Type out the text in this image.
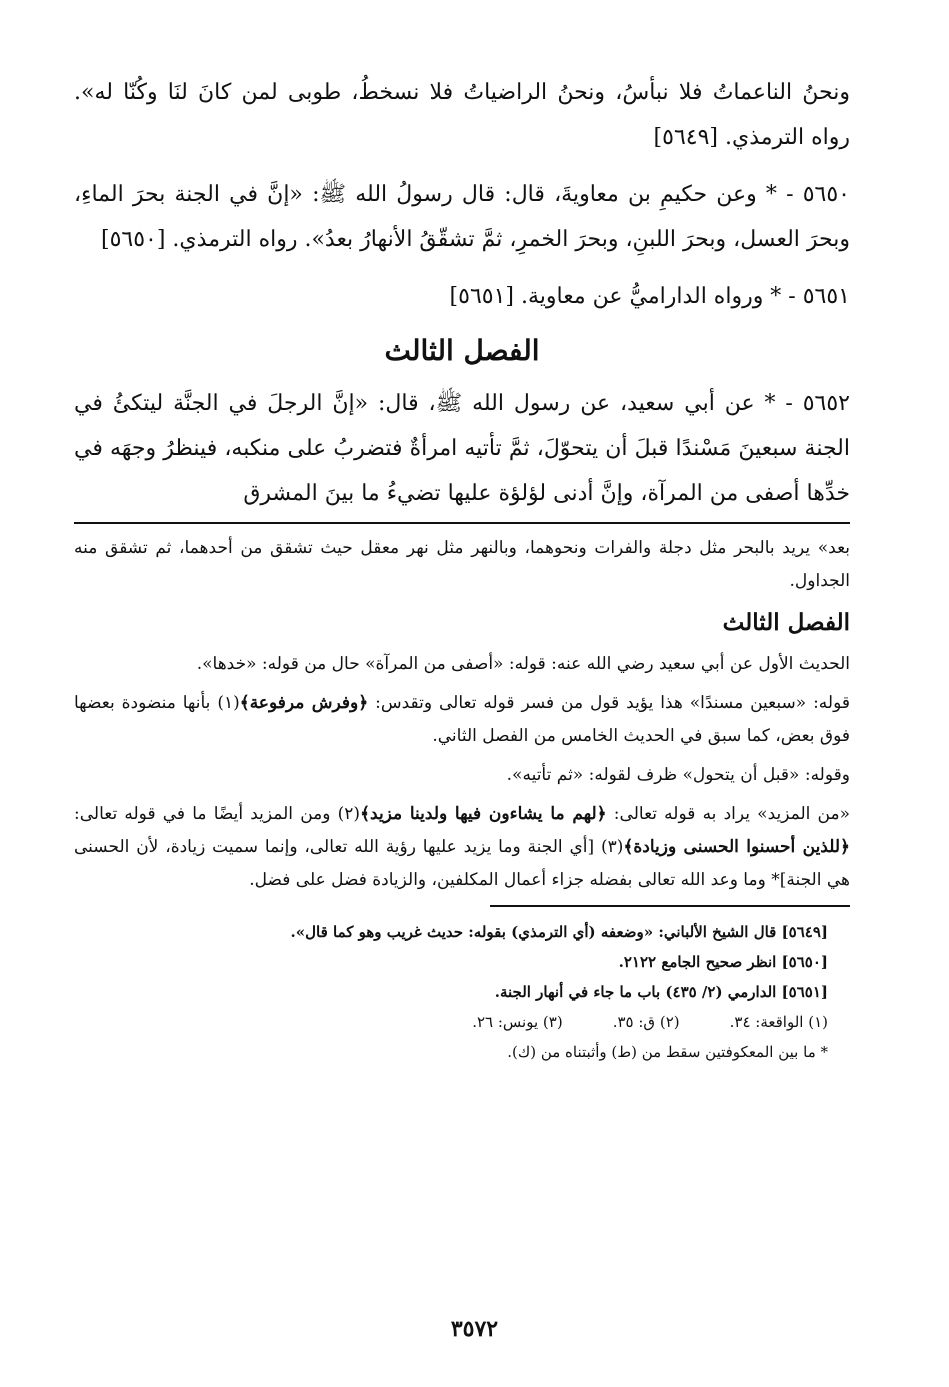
ونحنُ الناعماتُ فلا نبأسُ، ونحنُ الراضياتُ فلا نسخطُ، طوبى لمن كانَ لنَا وكُنّا له». رواه الترمذي. [٥٦٤٩]

٥٦٥٠ - * وعن حكيمِ بن معاويةَ، قال: قال رسولُ الله ﷺ: «إنَّ في الجنة بحرَ الماءِ، وبحرَ العسل، وبحرَ اللبنِ، وبحرَ الخمرِ، ثمَّ تشقّقُ الأنهارُ بعدُ». رواه الترمذي. [٥٦٥٠]

٥٦٥١ - * ورواه الداراميُّ عن معاوية. [٥٦٥١]

الفصل الثالث

٥٦٥٢ - * عن أبي سعيد، عن رسول الله ﷺ، قال: «إنَّ الرجلَ في الجنَّة ليتكئُ في الجنة سبعينَ مَسْندًا قبلَ أن يتحوّلَ، ثمَّ تأتيه امرأةٌ فتضربُ على منكبه، فينظرُ وجهَه في خدِّها أصفى من المرآة، وإنَّ أدنى لؤلؤة عليها تضيءُ ما بينَ المشرق

بعد» يريد بالبحر مثل دجلة والفرات ونحوهما، وبالنهر مثل نهر معقل حيث تشقق من أحدهما، ثم تشقق منه الجداول.

الفصل الثالث

الحديث الأول عن أبي سعيد رضي الله عنه: قوله: «أصفى من المرآة» حال من قوله: «خدها».

قوله: «سبعين مسندًا» هذا يؤيد قول من فسر قوله تعالى وتقدس: ﴿وفرش مرفوعة﴾(١) بأنها منضودة بعضها فوق بعض، كما سبق في الحديث الخامس من الفصل الثاني.

وقوله: «قبل أن يتحول» ظرف لقوله: «ثم تأتيه».

«من المزيد» يراد به قوله تعالى: ﴿لهم ما يشاءون فيها ولدينا مزيد﴾(٢) ومن المزيد أيضًا ما في قوله تعالى: ﴿للذين أحسنوا الحسنى وزيادة﴾(٣) [أي الجنة وما يزيد عليها رؤية الله تعالى، وإنما سميت زيادة، لأن الحسنى هي الجنة]* وما وعد الله تعالى بفضله جزاء أعمال المكلفين، والزيادة فضل على فضل.

[٥٦٤٩] قال الشيخ الألباني: «وضعفه (أي الترمذي) بقوله: حديث غريب وهو كما قال».
[٥٦٥٠] انظر صحيح الجامع ٢١٢٢.
[٥٦٥١] الدارمي (٢/ ٤٣٥) باب ما جاء في أنهار الجنة.
(١) الواقعة: ٣٤.
(٢) ق: ٣٥.
(٣) يونس: ٢٦.
* ما بين المعكوفتين سقط من (ط) وأثبتناه من (ك).
٣٥٧٢
